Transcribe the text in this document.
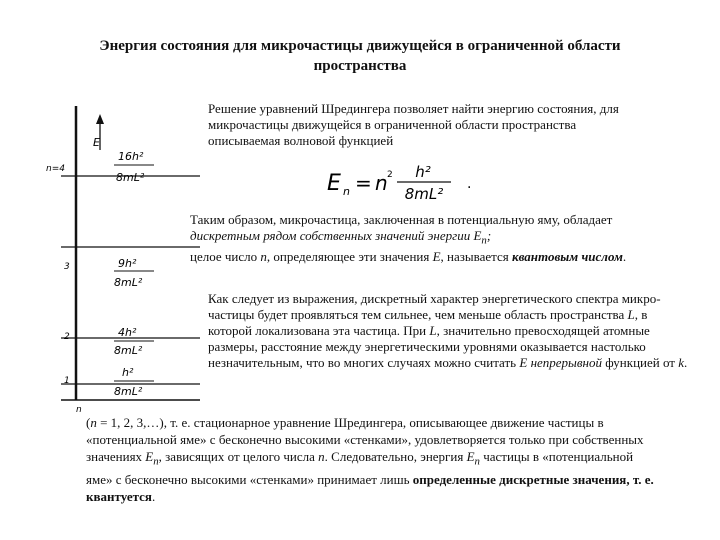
Энергия состояния для микрочастицы движущейся в ограниченной области
пространства
Решение уравнений Шредингера позволяет найти энергию состояния, для микрочастицы движущейся в ограниченной области пространства описываемая волновой функцией
E n = n 2 h²
8mL²
.
Таким образом, микрочастица, заключенная в потенциальную яму, обладает
дискретным рядом собственных значений энергии $E_n$;
целое число n, определяющее эти значения E, называется квантовым числом.
Как следует из выражения, дискретный характер энергетического спектра микро-частицы будет проявляться тем сильнее, чем меньше область пространства L, в которой локализована эта частица. При L, значительно превосходящей атомные размеры, расстояние между энергетическими уровнями оказывается настолько незначительным, что во многих случаях можно считать E непрерывной функцией от k.
(n = 1, 2, 3,…), т. е. стационарное уравнение Шредингера, описывающее движение частицы в «потенциальной яме» с бесконечно высокими «стенками», удовлетворяется только при собственных значениях $E_n$, зависящих от целого числа n. Следовательно, энергия $E_n$ частицы в «потенциальной яме» с бесконечно высокими «стенками» принимает лишь определенные дискретные значения, т. е. квантуется.
E
n=4
16h²
8mL²
3	9h²
8mL²
2	4h²
8mL²
1
h²
8mL²
n
